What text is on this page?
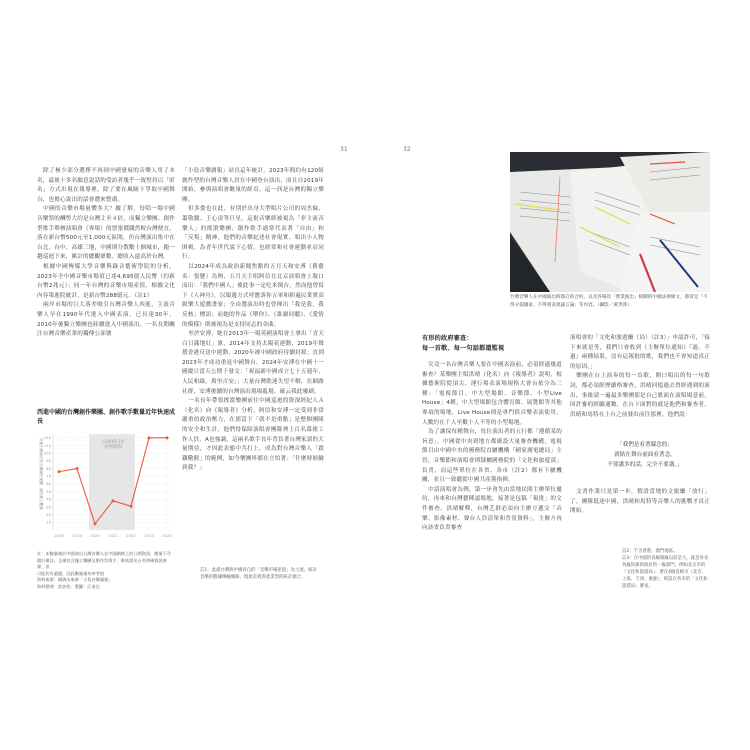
31

除了極少部分選擇不再到中國發展的音樂人用了本名，最後十多名願意說話的受訪者幾乎一致堅持以「匿名」方式出現在報導裡，除了要在風險下爭取中國舞台，也擔心說出的話會遭來整肅。

中國的音樂市場量體多大？據了解，每唱一場中國音樂祭的酬勞大約是台灣２至４倍，而獨立樂團、創作型歌手舉辦演唱會（專場）的票張價錢然較台灣便宜，落在新台幣500元至1,000元區間，但台灣演出集中在台北、台中、高雄三地，中國則分散數十個城市，跑一趟巡迴下來，累計的總觀眾數、總收入遠高於台灣。

根據中國傳媒大學音樂與錄音藝術學院的分析，2023年全中國音樂市場值已達4,695億人民幣（約新台幣2兆元）；同一年台灣的音樂市場產值，根據文化內容策進院統計，是新台幣288億元。（註1）

兩岸市場的巨大落差吸引台灣音樂人西進，主流音樂人早在1990年代進入中國表演，已長達30年，2010年後獨立樂團也陸續進入中國演出，一名長期關注台灣音樂產業的獨傳公部號

西進中國的台灣創作樂團、創作歌手數量近年快速成長
COVID-19
疫情期間
10
20
30
40
50
60
70
80
90
100
110
120
2018 2019 2020 2021 2022 2023 2024
西進中國演出的台灣創作樂團、創作歌手數量
註：本數量統計中國演出台灣音樂人在中國網路上的公開資訊，數量不含總計備註，且僅包含獨立樂團及創作型歌手，唯搖滾出台有明確資訊來源，但
可能仍有遺漏，因此數量僅為參考值
資料來源：網調出來源「小島音樂讀報」
資料整理：許詩怡．製圖：江家宜

「小島音樂讀報」站長這年統計，2023年間約有120組創作型的台灣音樂人員在中國登台演出，而且自2019年開始，參與演唱會數量的經首，這一西是台灣的獨立樂團。

但多姿也在此，有別於出身大型唱片公司的周杰倫、蕭敬騰、王心凌等巨星，這批音樂經被視為「非主流音樂人」的搖滾樂團、創作歌手通常代表著「自由」和「反叛」精神，他們的音樂紀述社會現實、唱出小人物困頓，為青年世代說下心情，也經常和社會運動並肩同行。

以2024年成為政治新聞焦點的五月天和安溥（舊藝名：張懸）為例，五月天主唱阿信在北京演唱會上脫口而出：「我們中國人」後此事一定吃米倒台，然而他曾寫下《人神舟》，以環邊方式呼應訴你五軍和抑遍民業實高級樂大遊戲畫家；全由選演出時也曾揮出「我是我，我反核」標語；而她的作品《喂你》、《誰謝同聽》、《愛情的模樣》則被視為是支持同志的金曲。

坐於安溥，她在2013年一場英國演唱會上拿出「青天白日滿地紅」旗，2014年支持太陽花運動，2019年聲援香港反送中運動，2020年被中國政府待續封殺；直到2023年才成功重返中國舞台，2024年安溥在中國十一國慶日當天公開于發文：「祝福新中國成立七十五週年，人民和綠，萬里吉安」；大量台灣歌迷失望不解，在網路社群，安溥後續的台灣演出現場亂場，確云我此廢刷。

一名長年帶領搖滾樂團前往中國巡迴的資深經紀人Ａ（化名）向《報導者》分析，阿信和安溥一定受到非常嚴重的政治壓力，在那當下「就不是重點」是整個團隊的安全和生計，他們得保障演唱會團隊裡上百名幕後工作人員，A也強調，這兩名歌手長年背負著台灣家諾的大量期待，才因此表態中共打上，成為對台灣音樂人「殺雞儆猴」的範例，如今樂團界都在言怕著：「什麼時候輪到我？」

註1：此處台灣與中國各自的「音樂市場產值」為主流，統計音樂的數據傳輸頻路，現規差異與產業型的統計總合。
32
台灣音樂人在中國演出時簽訂的合約，以及各場次「營業演出」相關的中國法律條文，都常見「不得分裂國家、不得發表異議言論」等內容。（攝影／黃世澤）
有形的政府審查：
每一首歌、每一句話都還監視

究竟一名台灣音樂人要在中國表演前，必須經過幾道審查？某樂團主唱洪晴（化名）向《報導者》說明，根據藝術院從頂尖、運行場表演場規格大會台依分為三種：「電視節目、中大型場館、音樂節、小型Live House」4種，中大型場館包含體育館、展覽館等其他專項的場地，Live House則是專門供音樂表演使用，人數約在千人至數十人不等的小型場地。

為了讓保每種舞台，每位演出者的五行都「遵循某的旨意」，中國從中央到地方都廣設大量審查機構，電視節目由中國中央的國務院直屬機構「國家廣電總局」主管，音樂節和演唱會則隸屬國務院的「文化和旅遊部」負責，而這些單位在各省、各市（註2）都有下屬機關，並且一致聽從中國共產黨指揮。

中請演唱會為例，第一步會先由當地民間主辦單位邀約，再來和台灣藝陣認場地，接著是包稿「報批」的文件審查，洪晴解釋，台灣艺群必須向主辦方遞交「音樂、影像素材、聲台人員清單和背景資料」，主辦方再向該省負責審查

演唱會的「文化和旅遊廳（局）（註3）」申請許可，「接下來就是等，我們只會收到（主辦單位通知）『過、不過』兩種結果，沒有這報批的歌，我們也不會知道真正的原因。」

樂團在台上演奏的每一首歌，開口唱出的每一句歌詞，都必須經歷嚴格審查，洪晴回憶過去曾經遇到的演出，事後請一遍最多樂團那是自己歌面在演唱場意前，因許審的經驗通數，在台下面對的就是他們和審查者，洪晴和馬特在上台之前發出前往那裡，他們說：

「我們是看著縣念的，
就貼在舞台前面看著念，
不要講多的話，完全不要講。」

文書作業只是第一步，假設當地的文旅廳「放行」了，團隊抵達中國，洪晴和馬特等音樂人的挑戰才真正開始。

註2：不含香港、澳門地區。
註3：在中國的省級層級以前是大，就是各省各級的黨與政府的一級部門，例如北京市的「文化和旅遊局」；要在4個直轄市（北京、上海、天津、重慶），則設在各市的「文化和旅遊局」審查。
